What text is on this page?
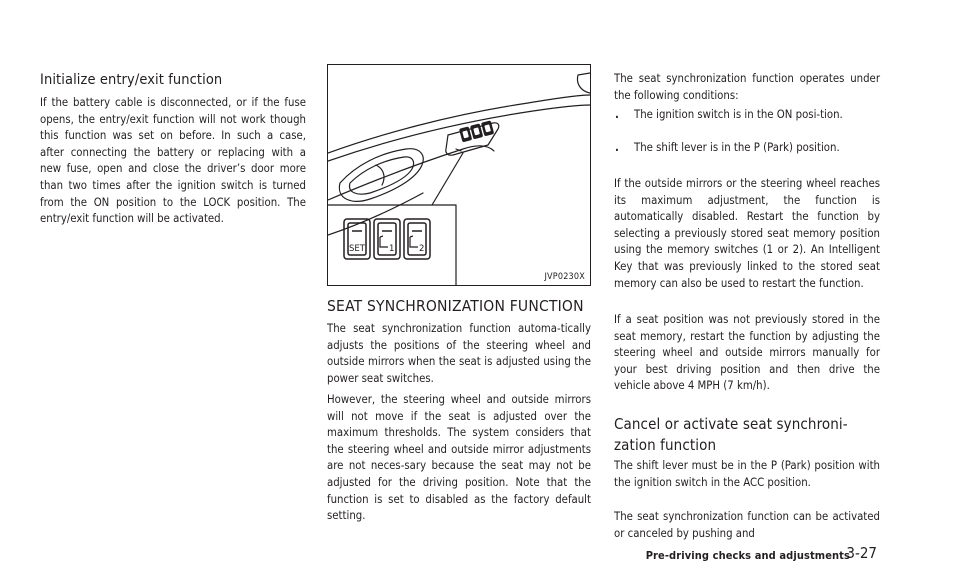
Initialize entry/exit function

If the battery cable is disconnected, or if the fuse opens, the entry/exit function will not work though this function was set on before. In such a case, after connecting the battery or replacing with a new fuse, open and close the driver’s door more than two times after the ignition switch is turned from the ON position to the LOCK position. The entry/exit function will be activated.

SET	1	2
JVP0230X
SEAT SYNCHRONIZATION FUNCTION

The seat synchronization function automa-tically adjusts the positions of the steering wheel and outside mirrors when the seat is adjusted using the power seat switches.

However, the steering wheel and outside mirrors will not move if the seat is adjusted over the maximum thresholds. The system considers that the steering wheel and outside mirror adjustments are not neces-sary because the seat may not be adjusted for the driving position. Note that the function is set to disabled as the factory default setting.

The seat synchronization function operates under the following conditions:

. The ignition switch is in the ON posi-tion.
. The shift lever is in the P (Park) position.

If the outside mirrors or the steering wheel reaches its maximum adjustment, the function is automatically disabled. Restart the function by selecting a previously stored seat memory position using the memory switches (1 or 2). An Intelligent Key that was previously linked to the stored seat memory can also be used to restart the function.

If a seat position was not previously stored in the seat memory, restart the function by adjusting the steering wheel and outside mirrors manually for your best driving position and then drive the vehicle above 4 MPH (7 km/h).

Cancel or activate seat synchroni-zation function

The shift lever must be in the P (Park) position with the ignition switch in the ACC position.

The seat synchronization function can be activated or canceled by pushing and

Pre-driving checks and adjustments
3-27
